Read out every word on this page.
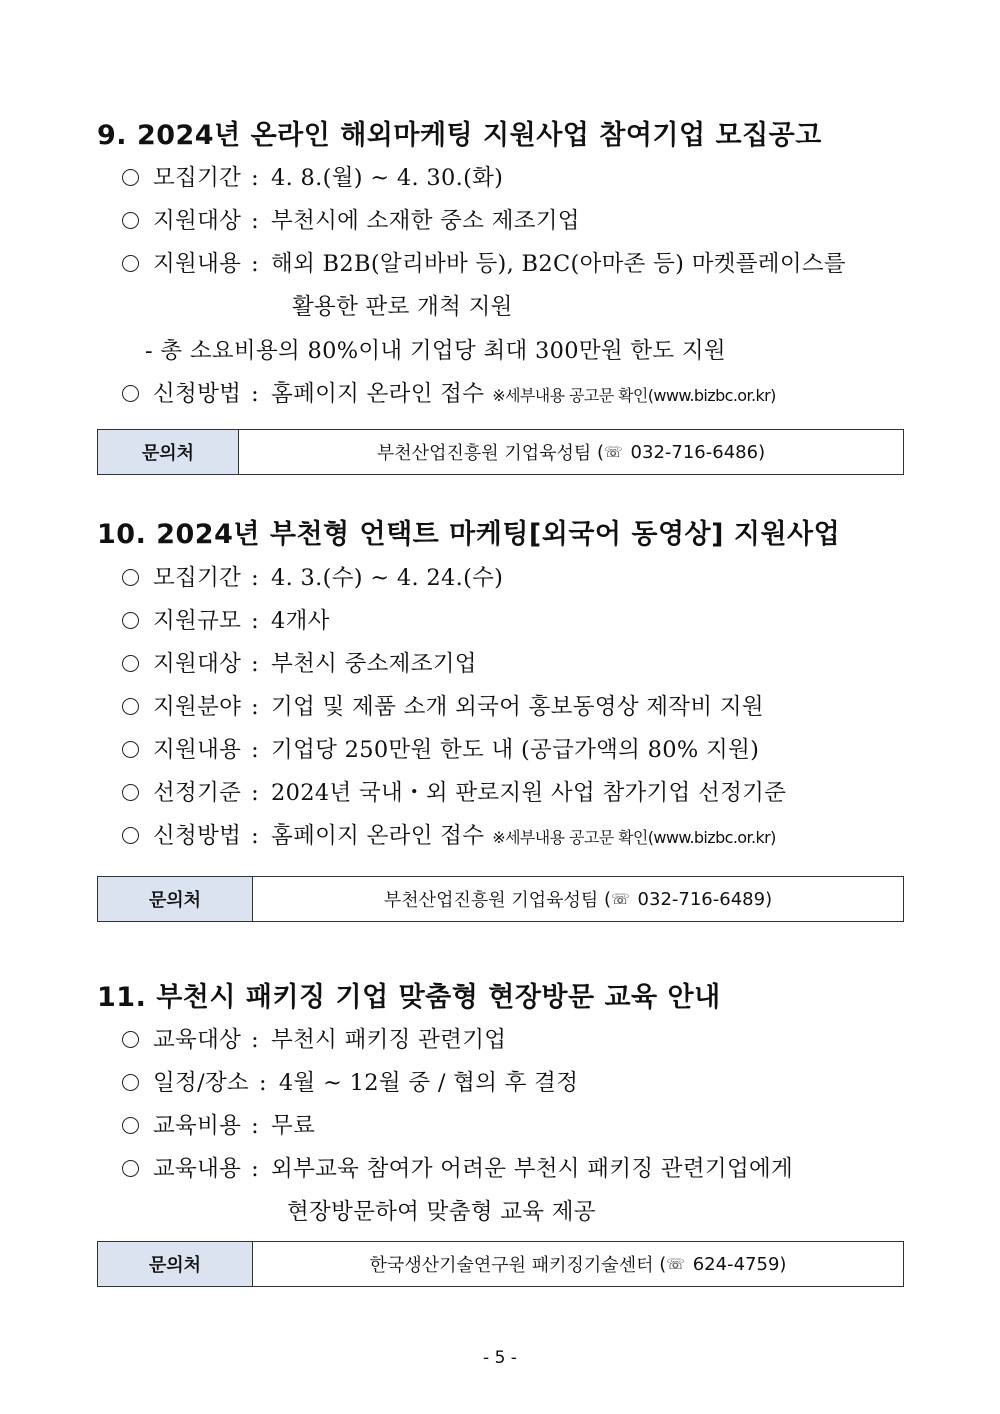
9. 2024년 온라인 해외마케팅 지원사업 참여기업 모집공고
모집기간 : 4. 8.(월) ~ 4. 30.(화)
지원대상 : 부천시에 소재한 중소 제조기업
지원내용 : 해외 B2B(알리바바 등), B2C(아마존 등) 마켓플레이스를
활용한 판로 개척 지원
- 총 소요비용의 80%이내 기업당 최대 300만원 한도 지원
신청방법 : 홈페이지 온라인 접수 ※세부내용 공고문 확인(www.bizbc.or.kr)
문의처	부천산업진흥원 기업육성팀 ( ☏
032-716-6486 )
10. 2024년 부천형 언택트 마케팅[외국어 동영상] 지원사업
모집기간 : 4. 3.(수) ~ 4. 24.(수)
지원규모 : 4개사
지원대상 : 부천시 중소제조기업
지원분야 : 기업 및 제품 소개 외국어 홍보동영상 제작비 지원
지원내용 : 기업당 250만원 한도 내 (공급가액의 80% 지원)
선정기준 : 2024년 국내・외 판로지원 사업 참가기업 선정기준
신청방법 : 홈페이지 온라인 접수 ※세부내용 공고문 확인(www.bizbc.or.kr)
문의처	부천산업진흥원 기업육성팀 ( ☏
032-716-6489 )
11. 부천시 패키징 기업 맞춤형 현장방문 교육 안내
교육대상 : 부천시 패키징 관련기업
일정/장소 : 4월 ~ 12월 중 / 협의 후 결정
교육비용 : 무료
교육내용 : 외부교육 참여가 어려운 부천시 패키징 관련기업에게
현장방문하여 맞춤형 교육 제공
문의처	한국생산기술연구원 패키징기술센터 ( ☏
624-4759 )
- 5 -
